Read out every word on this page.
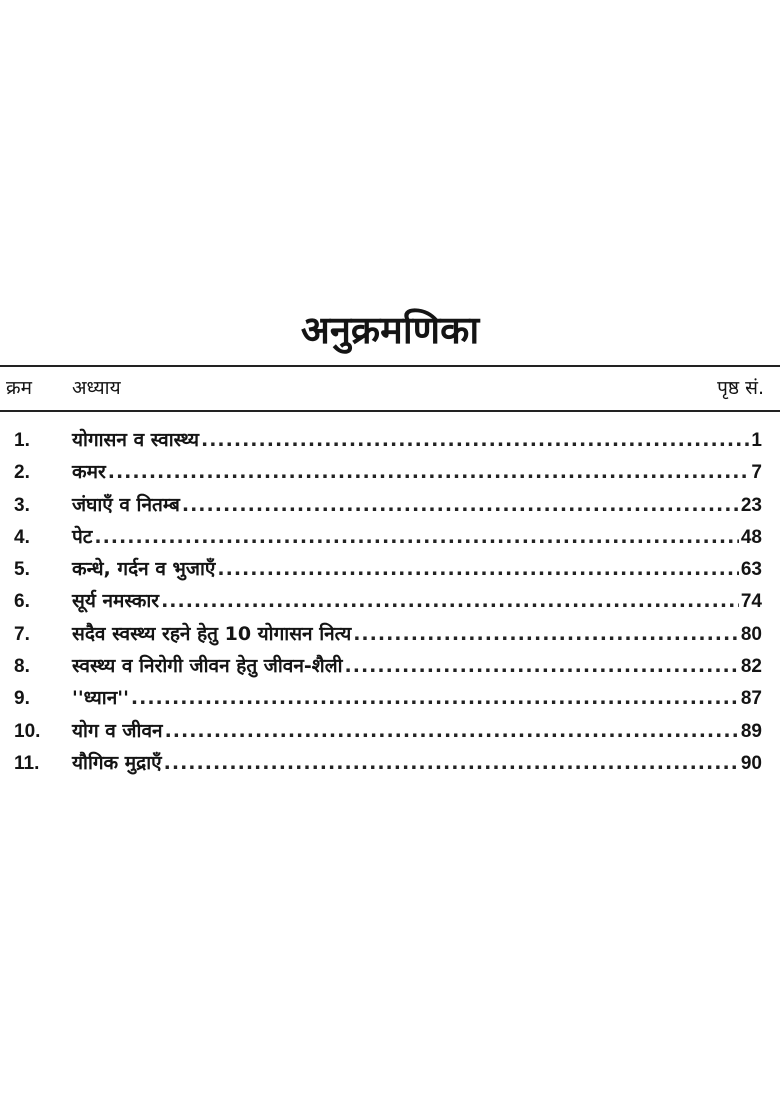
अनुक्रमणिका
क्रम अध्याय	पृष्ठ सं.
1.	योगासन व स्वास्थ्य .....	1
2.	कमर .....	7
3.	जंघाएँ व नितम्ब .....	23
4.	पेट .....	48
5.	कन्धे, गर्दन व भुजाएँ .....	63
6.	सूर्य नमस्कार .....	74
7.	सदैव स्वस्थ्य रहने हेतु 10 योगासन नित्य .....	80
8.	स्वस्थ्य व निरोगी जीवन हेतु जीवन-शैली .....	82
9.	''ध्यान'' .....	87
10.	योग व जीवन .....	89
11.	यौगिक मुद्राएँ .....	90
